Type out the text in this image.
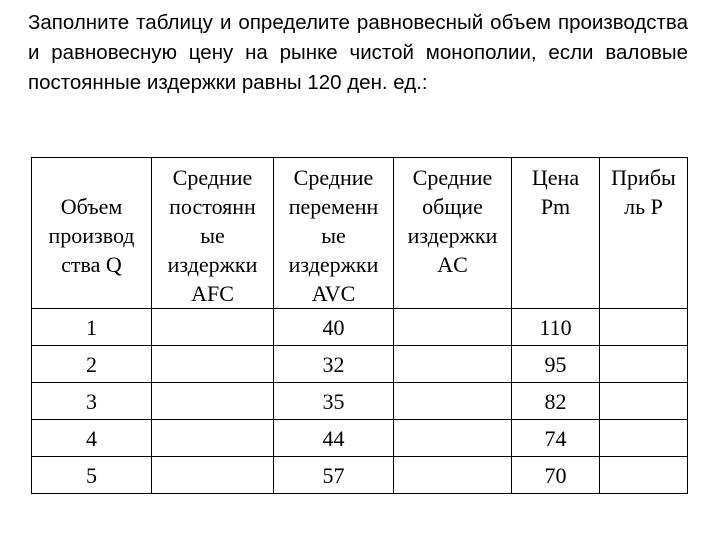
Заполните таблицу и определите равновесный объем производства и равновесную цену на рынке чистой монополии, если валовые постоянные издержки равны 120 ден. ед.:

Объем
производ
ства Q	Средние
постоянн
ые
издержки
AFC	Средние
переменн
ые
издержки
AVC	Средние
общие
издержки
AC	Цена
Pm	Прибы
ль P

1		40		110	
2		32		95	
3		35		82	
4		44		74	
5		57		70	
